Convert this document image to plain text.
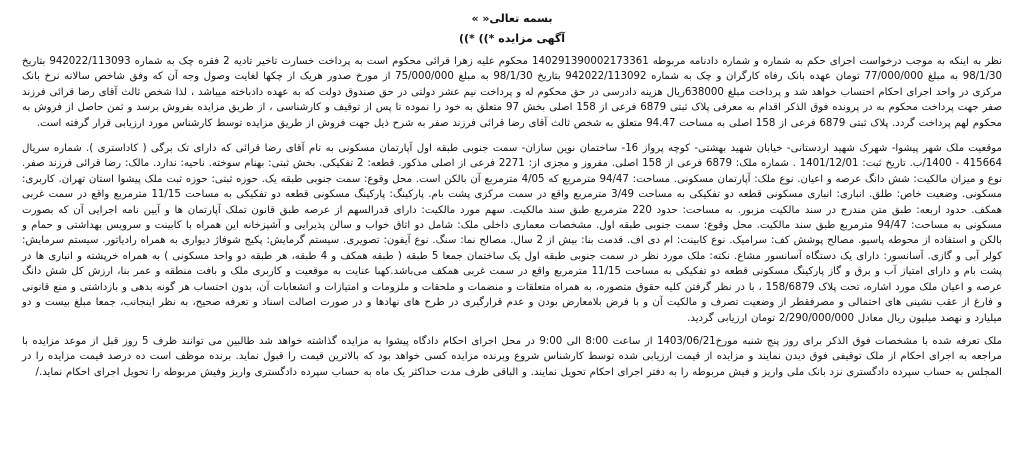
بسمه تعالی« »
آگهی مزایده *)) *))

نظر به اینکه به موجب درخواست اجرای حکم به شماره و شماره دادنامه مربوطه 140291390002173361 محکوم علیه زهرا قرائی محکوم است به پرداخت خسارت تاخیر تادیه 2 فقره چک به شماره 942022/113093 بتاریخ 98/1/30 به مبلغ 77/000/000 تومان عهده بانک رفاه کارگران و چک به شماره 942022/113092 بتاریخ 98/1/30 به مبلغ 75/000/000 از مورخ صدور هریک از چکها لغایت وصول وجه آن که وفق شاخص سالانه نرخ بانک مرکزی در واحد اجرای احکام احتساب خواهد شد و پرداخت مبلغ 638000ریال هزینه دادرسی در حق محکوم له و پرداخت نیم عشر دولتی در حق صندوق دولت که به عهده دادباخته میباشد ، لذا شخص ثالث آقای رضا قرائی فرزند صفر جهت پرداخت محکوم به در پرونده فوق الذکر اقدام به معرفی پلاک ثبتی 6879 فرعی از 158 اصلی بخش 97 متعلق به خود را نموده تا پس از توقیف و کارشناسی ، از طریق مزایده بفروش برسد و ثمن حاصل از فروش به محکوم لهم پرداخت گردد. پلاک ثبتی 6879 فرعی از 158 اصلی به مساحت 94.47 متعلق به شخص ثالث آقای رضا قرائی فرزند صفر به شرح ذیل جهت فروش از طریق مزایده توسط کارشناس مورد ارزیابی قرار گرفته است.

موقعیت ملک شهر پیشوا- شهرک شهید اردستانی- خیابان شهید بهشتی- کوچه پرواز 16- ساختمان نوین سازان- سمت جنوبی طبقه اول آپارتمان مسکونی به نام آقای رضا قرائی که دارای تک برگی ( کاداستری ). شماره سریال 415664 - 1400/ب. تاریخ ثبت: 1401/12/01 . شماره ملک: 6879 فرعی از 158 اصلی. مفروز و مجزی از: 2271 فرعی از اصلی مذکور. قطعه: 2 تفکیکی. بخش ثبتی: بهنام سوخته. ناحیه: ندارد. مالک: رضا قرائی فرزند صفر. نوع و میزان مالکیت: شش دانگ عرصه و اعیان. نوع ملک: آپارتمان مسکونی. مساحت: 94/47 مترمربع که 4/05 مترمربع آن بالکن است. محل وقوع: سمت جنوبی طبقه یک. حوزه ثبتی: حوزه ثبت ملک پیشوا استان تهران. کاربری: مسکونی. وضعیت خاص: طلق. انباری: انباری مسکونی قطعه دو تفکیکی به مساحت 3/49 مترمربع واقع در سمت مرکزی پشت بام. پارکینگ: پارکینگ مسکونی قطعه دو تفکیکی به مساحت 11/15 مترمربع واقع در سمت غربی همکف. حدود اربعه: طبق متن مندرج در سند مالکیت مزبور. به مساحت: حدود 220 مترمربع طبق سند مالکیت. سهم مورد مالکیت: دارای قدرالسهم از عرصه طبق قانون تملک آپارتمان ها و آیین نامه اجرایی آن که بصورت مسکونی به مساحت: 94/47 مترمربع طبق سند مالکیت. محل وقوع: سمت جنوبی طبقه اول. مشخصات معماری داخلی ملک: شامل دو اتاق خواب و سالن پذیرایی و آشپزخانه این همراه با کابینت و سرویس بهداشتی و حمام و بالکن و استفاده از محوطه پاسیو. مصالح پوشش کف: سرامیک. نوع کابینت: ام دی اف. قدمت بنا: بیش از 2 سال. مصالح نما: سنگ. نوع آیفون: تصویری. سیستم گرمایش: پکیج شوفاژ دیواری به همراه رادیاتور. سیستم سرمایش: کولر آبی و گازی. آسانسور: دارای یک دستگاه آسانسور مشاع. نکته: ملک مورد نظر در سمت جنوبی طبقه اول یک ساختمان جمعا 5 طبقه ( طبقه همکف و 4 طبقه، هر طبقه دو واحد مسکونی ) به همراه خرپشته و انباری ها در پشت بام و دارای امتیاز آب و برق و گاز پارکینگ مسکونی قطعه دو تفکیکی به مساحت 11/15 مترمربع واقع در سمت غربی همکف می‌باشد.کهبا عنایت به موقعیت و کاربری ملک و بافت منطقه و عمر بنا، ارزش کل شش دانگ عرصه و اعیان ملک مورد اشاره، تحت پلاک 158/6879 ، با در نظر گرفتن کلیه حقوق متصوره، به همراه متعلقات و منضمات و ملحقات و ملزومات و امتیازات و انشعابات آن، بدون احتساب هر گونه بدهی و بازداشتی و منع قانونی و فارغ از عقب نشینی های احتمالی و مصرفقطر از وضعیت تصرف و مالکیت آن و با فرض بلامعارض بودن و عدم قرارگیری در طرح های نهادها و در صورت اصالت اسناد و تعرفه صحیح، به نظر اینجانب، جمعا مبلغ بیست و دو میلیارد و نهصد میلیون ریال معادل 2/290/000/000 تومان ارزیابی گردید.

ملک تعرفه شده با مشخصات فوق الذکر برای روز پنج شنبه مورخ1403/06/21 از ساعت 8:00 الی 9:00 در محل اجرای احکام دادگاه پیشوا به مزایده گذاشته خواهد شد طالبین می توانند ظرف 5 روز قبل از موعد مزایده با مراجعه به اجرای احکام از ملک توقیفی فوق دیدن نمایند و مزایده از قیمت ارزیابی شده توسط کارشناس شروع وبرنده مزایده کسی خواهد بود که بالاترین قیمت را قبول نماید. برنده موظف است ده درصد قیمت مزایده را در المجلس به حساب سپرده دادگستری نزد بانک ملی واریز و فیش مربوطه را به دفتر اجرای احکام تحویل نمایند. و الباقی ظرف مدت حداکثر یک ماه به حساب سپرده دادگستری واریز وفیش مربوطه را تحویل اجرای احکام نماید./
